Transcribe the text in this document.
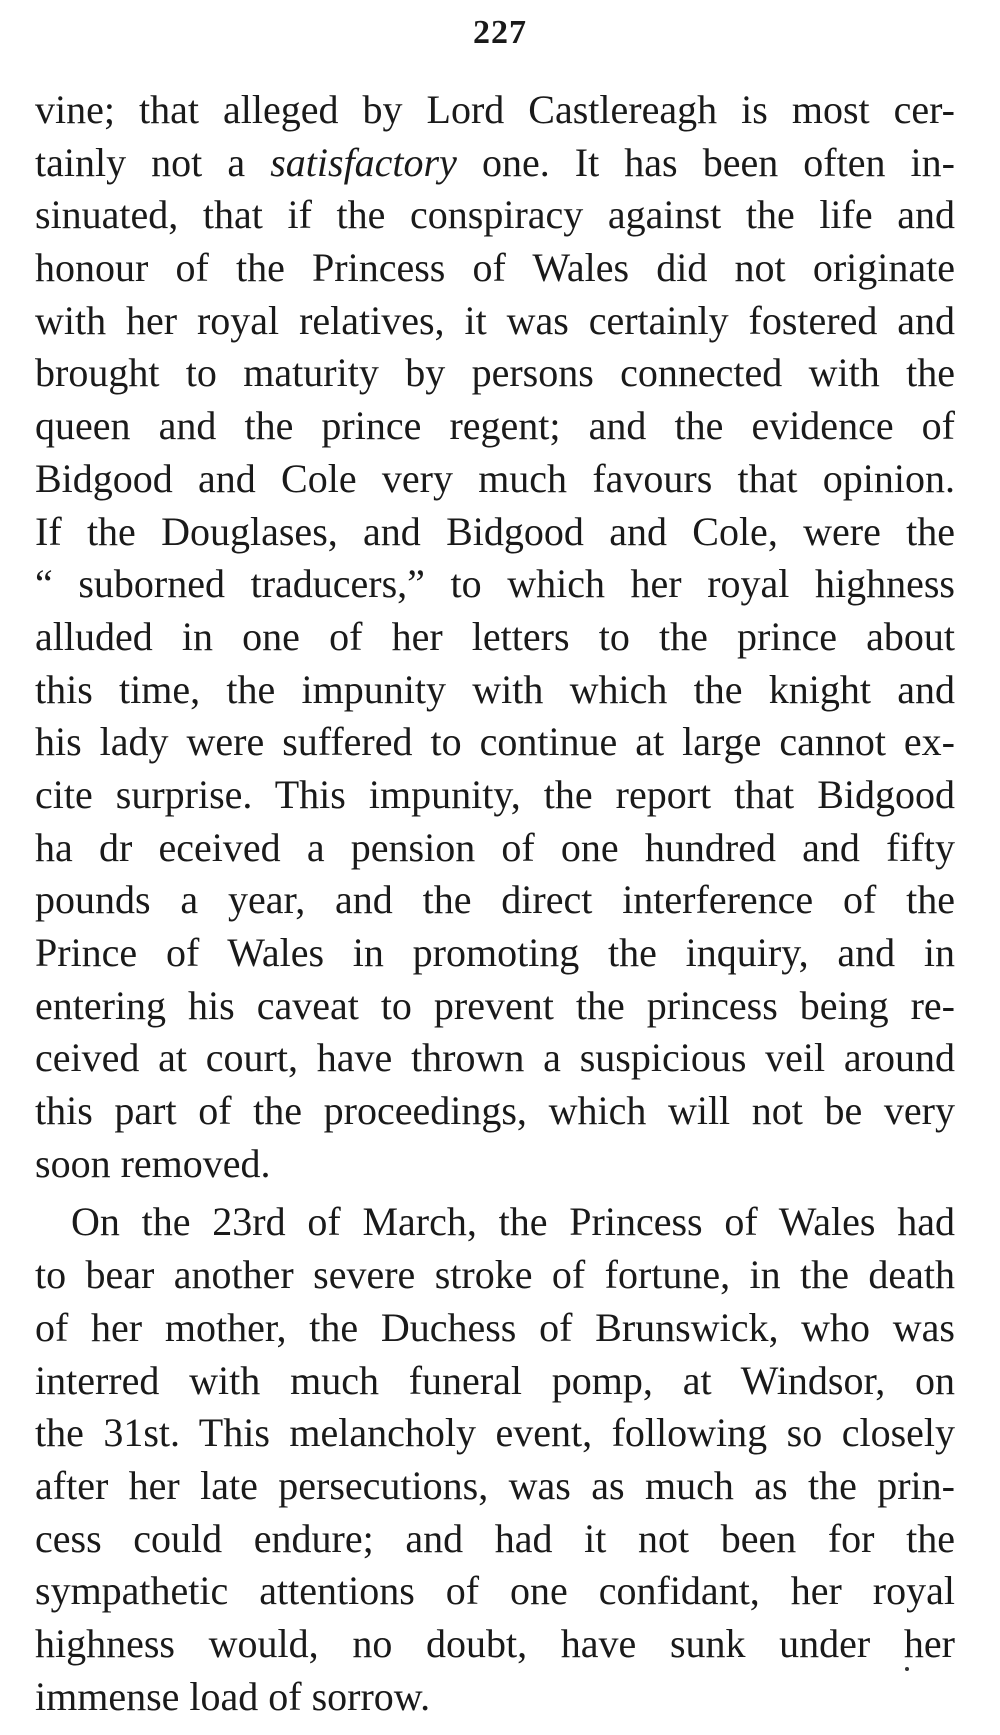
227
vine; that alleged by Lord Castlereagh is most cer-
tainly not a satisfactory one. It has been often in-
sinuated, that if the conspiracy against the life and
honour of the Princess of Wales did not originate
with her royal relatives, it was certainly fostered and
brought to maturity by persons connected with the
queen and the prince regent; and the evidence of
Bidgood and Cole very much favours that opinion.
If the Douglases, and Bidgood and Cole, were the
“ suborned traducers,” to which her royal highness
alluded in one of her letters to the prince about
this time, the impunity with which the knight and
his lady were suffered to continue at large cannot ex-
cite surprise. This impunity, the report that Bidgood
ha dr eceived a pension of one hundred and fifty
pounds a year, and the direct interference of the
Prince of Wales in promoting the inquiry, and in
entering his caveat to prevent the princess being re-
ceived at court, have thrown a suspicious veil around
this part of the proceedings, which will not be very
soon removed.
On the 23rd of March, the Princess of Wales had
to bear another severe stroke of fortune, in the death
of her mother, the Duchess of Brunswick, who was
interred with much funeral pomp, at Windsor, on
the 31st. This melancholy event, following so closely
after her late persecutions, was as much as the prin-
cess could endure; and had it not been for the
sympathetic attentions of one confidant, her royal
highness would, no doubt, have sunk under her
immense load of sorrow.
